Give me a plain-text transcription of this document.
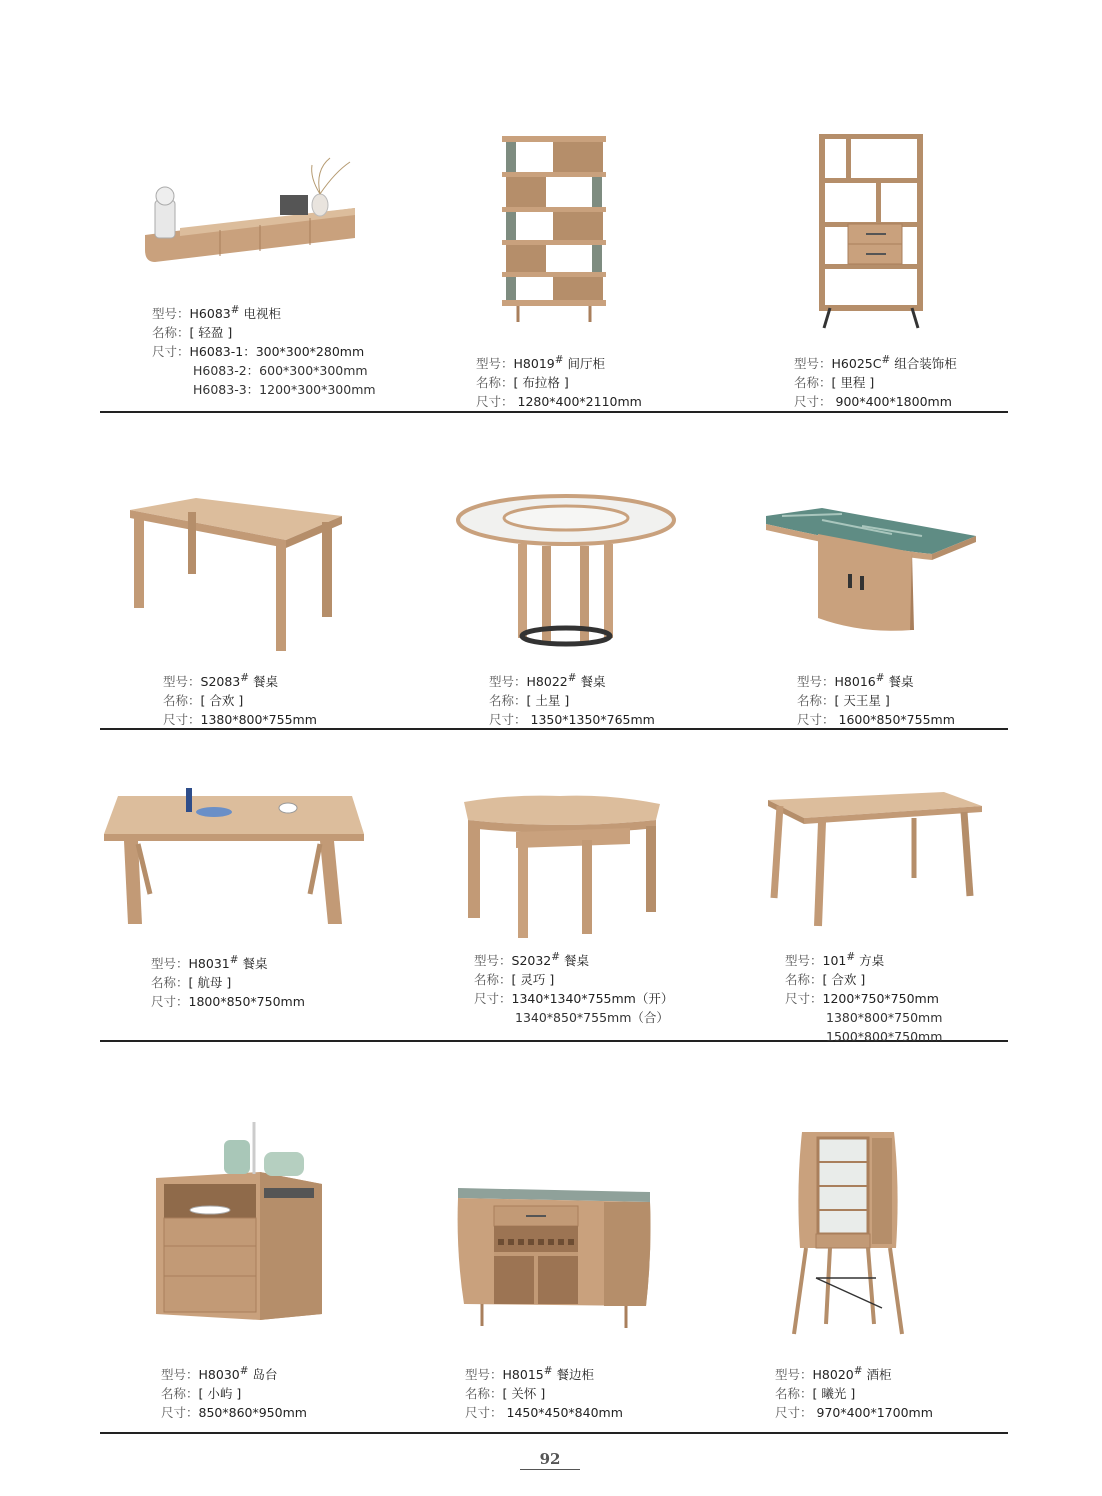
型号：H6083# 电视柜
名称：[ 轻盈 ]
尺寸：H6083-1：300*300*280mm
H6083-2：600*300*300mm
H6083-3：1200*300*300mm
型号：H8019# 间厅柜
名称：[ 布拉格 ]
尺寸： 1280*400*2110mm
型号：H6025C# 组合装饰柜
名称：[ 里程 ]
尺寸： 900*400*1800mm
型号：S2083# 餐桌
名称：[ 合欢 ]
尺寸：1380*800*755mm
型号：H8022# 餐桌
名称：[ 土星 ]
尺寸： 1350*1350*765mm
型号：H8016# 餐桌
名称：[ 天王星 ]
尺寸： 1600*850*755mm
型号：H8031# 餐桌
名称：[ 航母 ]
尺寸：1800*850*750mm
型号：S2032# 餐桌
名称：[ 灵巧 ]
尺寸：1340*1340*755mm（开）
1340*850*755mm（合）
型号：101# 方桌
名称：[ 合欢 ]
尺寸：1200*750*750mm
1380*800*750mm
1500*800*750mm
型号：H8030# 岛台
名称：[ 小屿 ]
尺寸：850*860*950mm
型号：H8015# 餐边柜
名称：[ 关怀 ]
尺寸： 1450*450*840mm
型号：H8020# 酒柜
名称：[ 曦光 ]
尺寸： 970*400*1700mm
92
